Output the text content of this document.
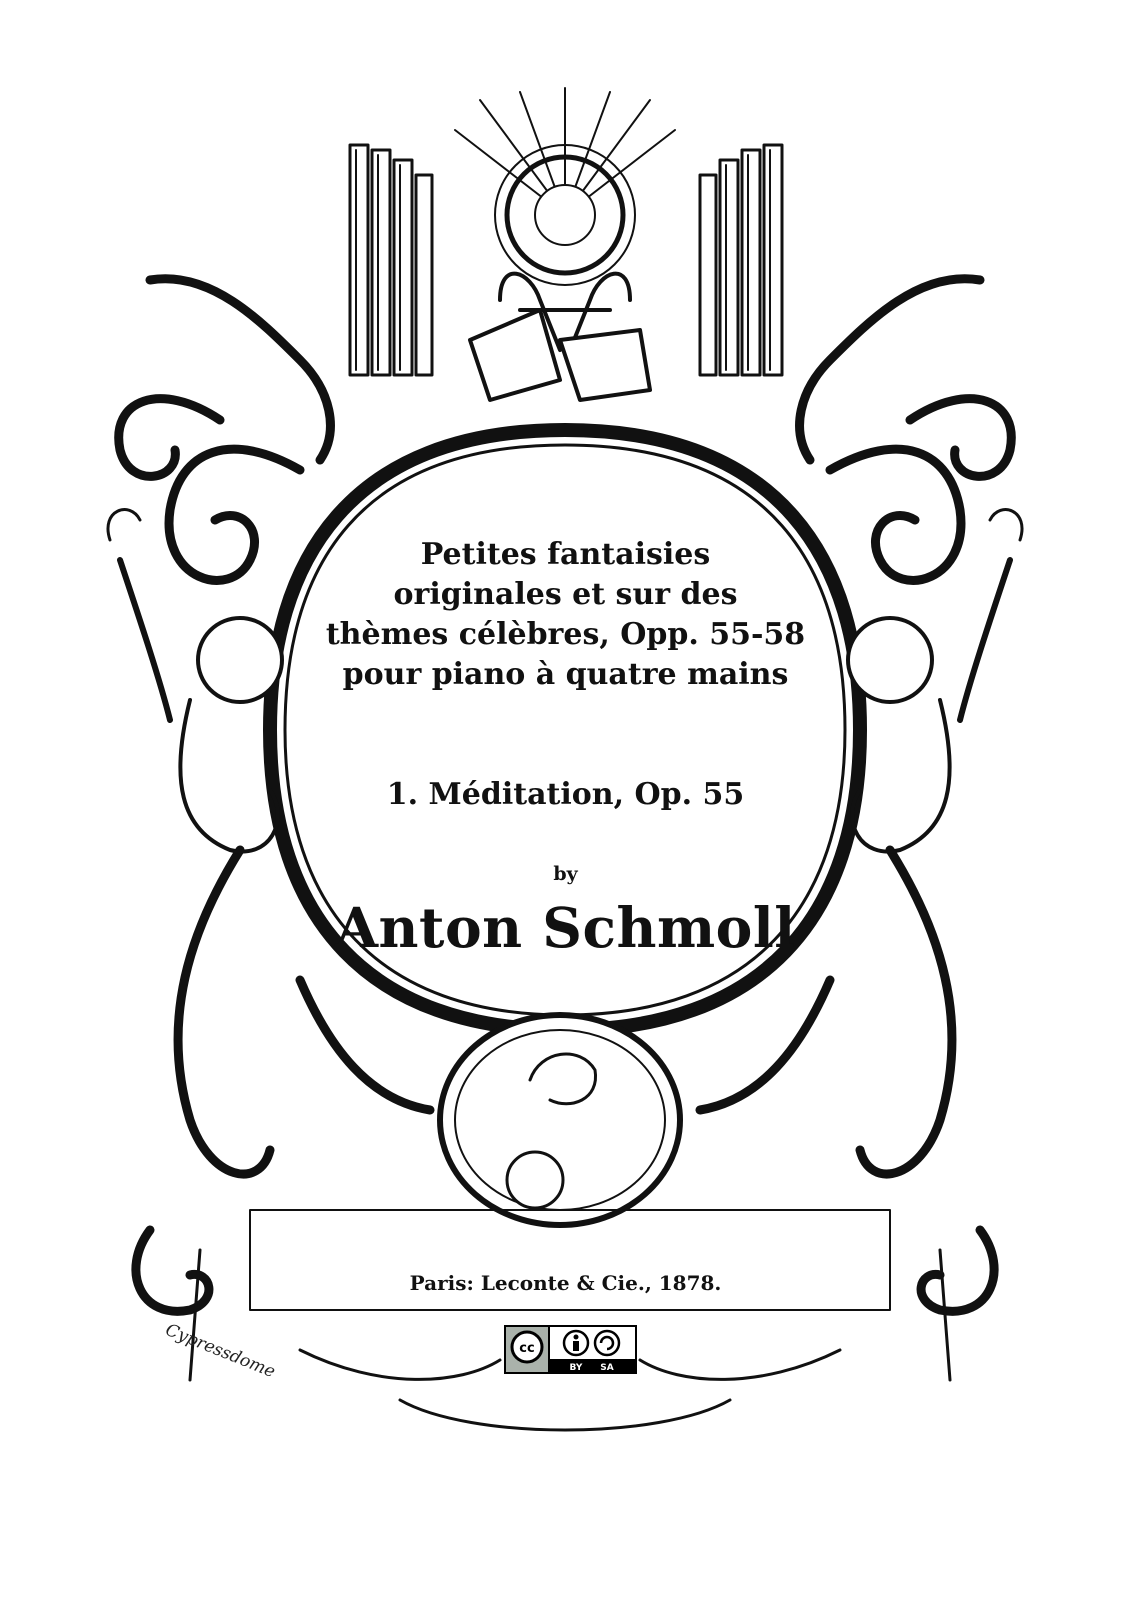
Petites fantaisies
originales et sur des
thèmes célèbres, Opp. 55-58
pour piano à quatre mains
1. Méditation, Op. 55
by
Anton Schmoll
Paris: Leconte & Cie., 1878.
Cypressdome	cc
BY SA
